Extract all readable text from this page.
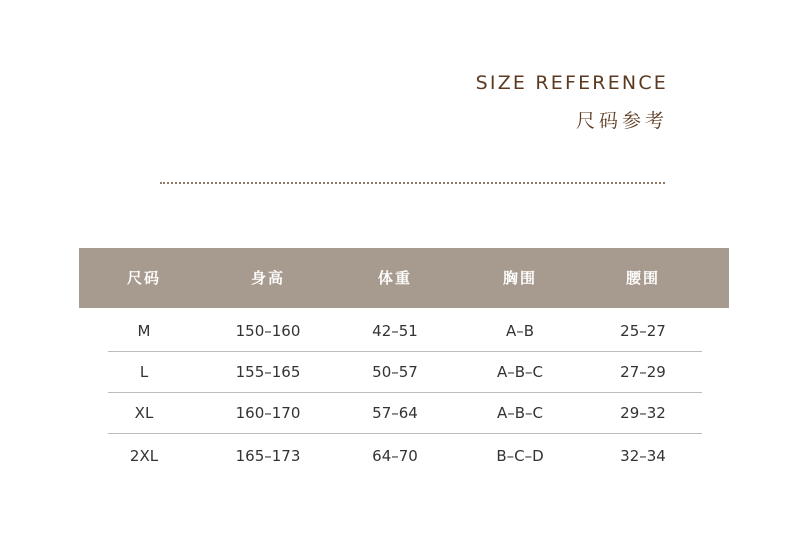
SIZE REFERENCE
尺码参考
尺码	身高	体重	胸围	腰围
M	150–160	42–51	A–B	25–27
L	155–165	50–57	A–B–C	27–29
XL	160–170	57–64	A–B–C	29–32
2XL	165–173	64–70	B–C–D	32–34
